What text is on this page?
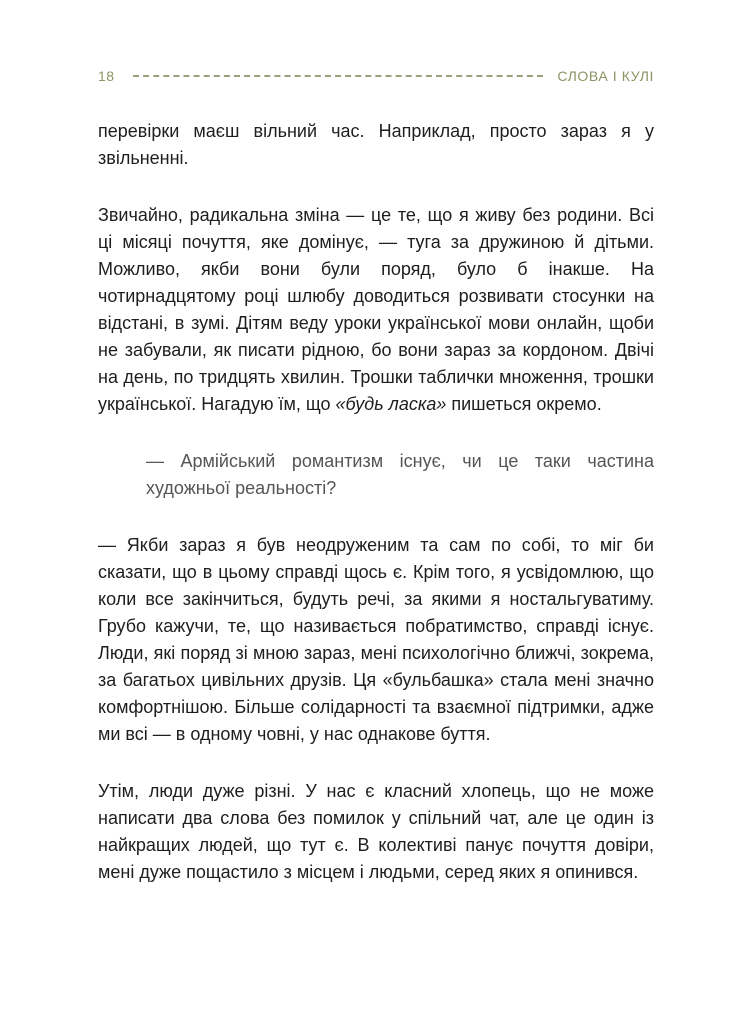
18	СЛОВА І КУЛІ

перевірки маєш вільний час. Наприклад, просто зараз я у звільненні.

Звичайно, радикальна зміна — це те, що я живу без родини. Всі ці місяці почуття, яке домінує, — туга за дружиною й дітьми. Можливо, якби вони були поряд, було б інакше. На чотирнадцятому році шлюбу доводиться розвивати стосунки на відстані, в зумі. Дітям веду уроки української мови онлайн, щоби не забували, як писати рідною, бо вони зараз за кордоном. Двічі на день, по тридцять хвилин. Трошки таблички множення, трошки української. Нагадую їм, що «будь ласка» пишеться окремо.

— Армійський романтизм існує, чи це таки частина художньої реальності?

— Якби зараз я був неодруженим та сам по собі, то міг би сказати, що в цьому справді щось є. Крім того, я усвідомлюю, що коли все закінчиться, будуть речі, за якими я ностальгуватиму. Грубо кажучи, те, що називається побратимство, справді існує. Люди, які поряд зі мною зараз, мені психологічно ближчі, зокрема, за багатьох цивільних друзів. Ця «бульбашка» стала мені значно комфортнішою. Більше солідарності та взаємної підтримки, адже ми всі — в одному човні, у нас однакове буття.

Утім, люди дуже різні. У нас є класний хлопець, що не може написати два слова без помилок у спільний чат, але це один із найкращих людей, що тут є. В колективі панує почуття довіри, мені дуже пощастило з місцем і людьми, серед яких я опинився.
